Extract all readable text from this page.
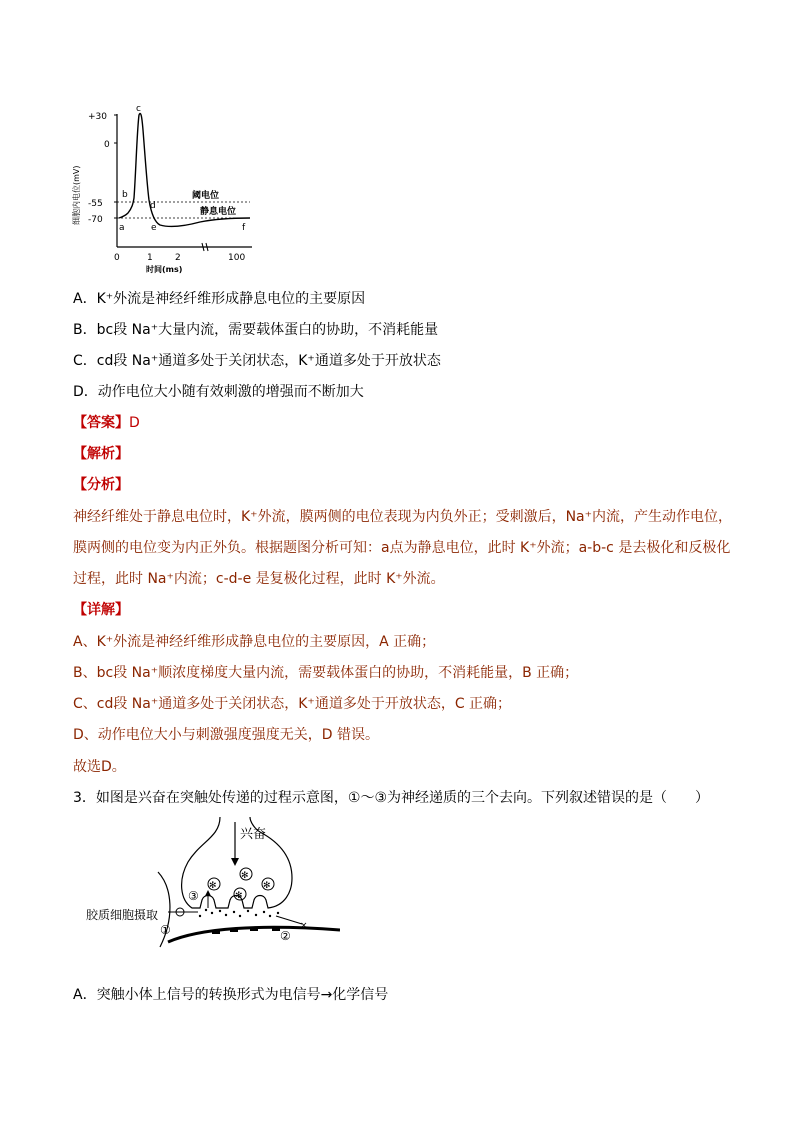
+30
0
-55
-70
细胞内电位(mV)
0	1 2	100
时间(ms)
阈电位
静息电位
a
b
c
d
e	f
A．K⁺外流是神经纤维形成静息电位的主要原因
B．bc段 Na⁺大量内流，需要载体蛋白的协助，不消耗能量
C．cd段 Na⁺通道多处于关闭状态，K⁺通道多处于开放状态
D．动作电位大小随有效刺激的增强而不断加大
【答案】D
【解析】
【分析】
神经纤维处于静息电位时，K⁺外流，膜两侧的电位表现为内负外正；受刺激后，Na⁺内流，产生动作电位，
膜两侧的电位变为内正外负。根据题图分析可知：a点为静息电位，此时 K⁺外流；a-b-c 是去极化和反极化
过程，此时 Na⁺内流；c-d-e 是复极化过程，此时 K⁺外流。
【详解】
A、K⁺外流是神经纤维形成静息电位的主要原因，A 正确；
B、bc段 Na⁺顺浓度梯度大量内流，需要载体蛋白的协助，不消耗能量，B 正确；
C、cd段 Na⁺通道多处于关闭状态，K⁺通道多处于开放状态，C 正确；
D、动作电位大小与刺激强度强度无关，D 错误。
故选D。
3．如图是兴奋在突触处传递的过程示意图，①～③为神经递质的三个去向。下列叙述错误的是（　　）
兴奋
✻
✻
✻
✻
胶质细胞摄取
①
③
×
②
A．突触小体上信号的转换形式为电信号→化学信号
